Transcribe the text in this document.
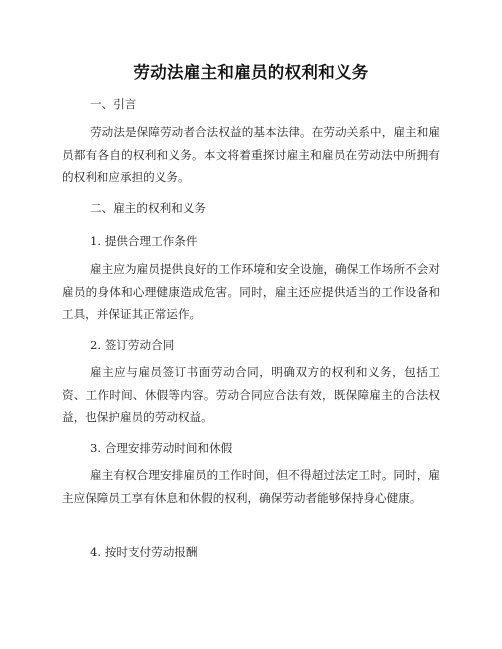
劳动法雇主和雇员的权利和义务

一、引言

劳动法是保障劳动者合法权益的基本法律。在劳动关系中，雇主和雇员都有各自的权利和义务。本文将着重探讨雇主和雇员在劳动法中所拥有的权利和应承担的义务。

二、雇主的权利和义务

1. 提供合理工作条件

雇主应为雇员提供良好的工作环境和安全设施，确保工作场所不会对雇员的身体和心理健康造成危害。同时，雇主还应提供适当的工作设备和工具，并保证其正常运作。

2. 签订劳动合同

雇主应与雇员签订书面劳动合同，明确双方的权利和义务，包括工资、工作时间、休假等内容。劳动合同应合法有效，既保障雇主的合法权益，也保护雇员的劳动权益。

3. 合理安排劳动时间和休假

雇主有权合理安排雇员的工作时间，但不得超过法定工时。同时，雇主应保障员工享有休息和休假的权利，确保劳动者能够保持身心健康。

4. 按时支付劳动报酬
